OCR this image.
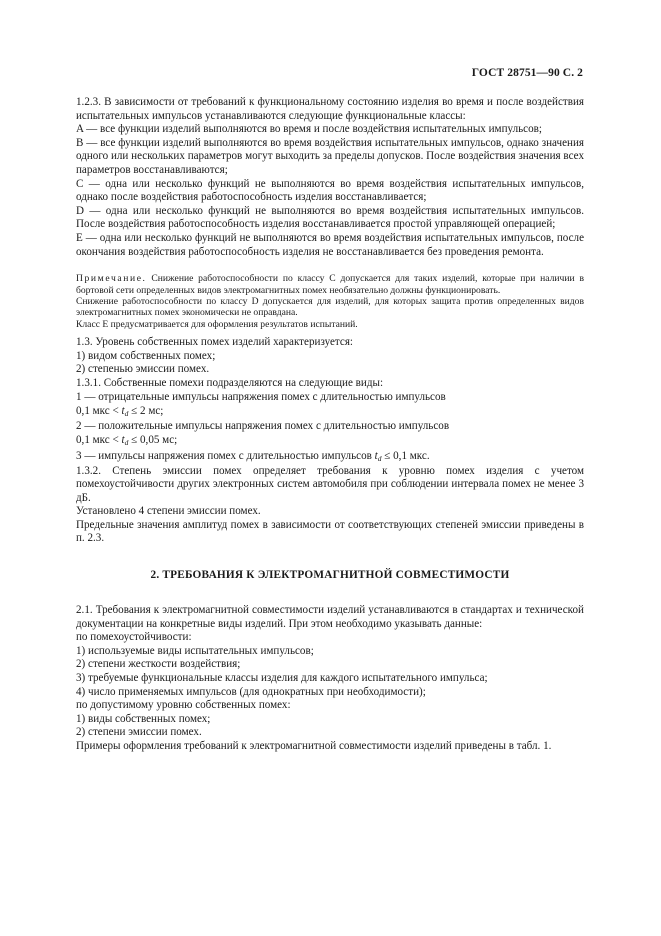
ГОСТ 28751—90 С. 2

1.2.3. В зависимости от требований к функциональному состоянию изделия во время и после воздействия испытательных импульсов устанавливаются следующие функциональные классы:

A — все функции изделий выполняются во время и после воздействия испытательных импульсов;

B — все функции изделий выполняются во время воздействия испытательных импульсов, однако значения одного или нескольких параметров могут выходить за пределы допусков. После воздействия значения всех параметров восстанавливаются;

C — одна или несколько функций не выполняются во время воздействия испытательных импульсов, однако после воздействия работоспособность изделия восстанавливается;

D — одна или несколько функций не выполняются во время воздействия испытательных импульсов. После воздействия работоспособность изделия восстанавливается простой управляющей операцией;

E — одна или несколько функций не выполняются во время воздействия испытательных импульсов, после окончания воздействия работоспособность изделия не восстанавливается без проведения ремонта.

Примечание. Снижение работоспособности по классу C допускается для таких изделий, которые при наличии в бортовой сети определенных видов электромагнитных помех необязательно должны функционировать.

Снижение работоспособности по классу D допускается для изделий, для которых защита против определенных видов электромагнитных помех экономически не оправдана.

Класс E предусматривается для оформления результатов испытаний.

1.3. Уровень собственных помех изделий характеризуется:

1) видом собственных помех;

2) степенью эмиссии помех.

1.3.1. Собственные помехи подразделяются на следующие виды:

1 — отрицательные импульсы напряжения помех с длительностью импульсов

0,1 мкс < $t_d \le 2$ мс;

2 — положительные импульсы напряжения помех с длительностью импульсов

0,1 мкс < $t_d \le 0,05$ мс;

3 — импульсы напряжения помех с длительностью импульсов $t_d \le 0,1$ мкс.

1.3.2. Степень эмиссии помех определяет требования к уровню помех изделия с учетом помехоустойчивости других электронных систем автомобиля при соблюдении интервала помех не менее 3 дБ.

Установлено 4 степени эмиссии помех.

Предельные значения амплитуд помех в зависимости от соответствующих степеней эмиссии приведены в п. 2.3.

2. ТРЕБОВАНИЯ К ЭЛЕКТРОМАГНИТНОЙ СОВМЕСТИМОСТИ

2.1. Требования к электромагнитной совместимости изделий устанавливаются в стандартах и технической документации на конкретные виды изделий. При этом необходимо указывать данные:

по помехоустойчивости:

1) используемые виды испытательных импульсов;

2) степени жесткости воздействия;

3) требуемые функциональные классы изделия для каждого испытательного импульса;

4) число применяемых импульсов (для однократных при необходимости);

по допустимому уровню собственных помех:

1) виды собственных помех;

2) степени эмиссии помех.

Примеры оформления требований к электромагнитной совместимости изделий приведены в табл. 1.
